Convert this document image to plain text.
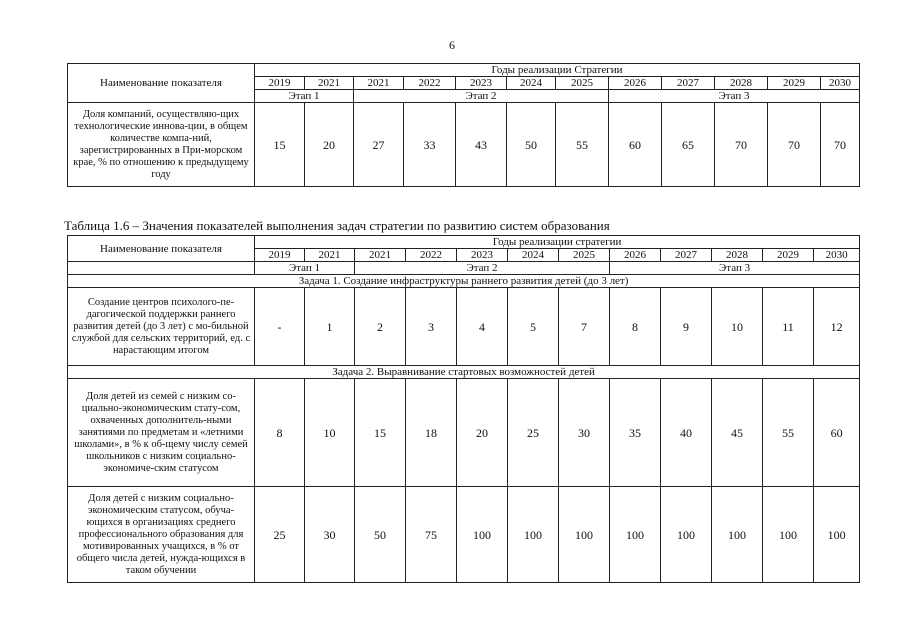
6
Наименование показателя	Годы реализации Стратегии											
	2019	2021	2021	2022	2023	2024	2025	2026	2027	2028	2029	2030
	Этап 1		Этап 2					Этап 3				
Доля компаний, осуществляю-щих технологические иннова-ции, в общем количестве компа-ний, зарегистрированных в При-морском крае, % по отношению к предыдущему году	15	20	27	33	43	50	55	60	65	70	70	70
Таблица 1.6 – Значения показателей выполнения задач стратегии по развитию систем образования
Наименование показателя	Годы реализации стратегии											
	2019	2021	2021	2022	2023	2024	2025	2026	2027	2028	2029	2030
	Этап 1		Этап 2					Этап 3				
Задача 1. Создание инфраструктуры раннего развития детей (до 3 лет)												
Создание центров психолого-пе-дагогической поддержки раннего развития детей (до 3 лет) с мо-бильной службой для сельских территорий, ед. с нарастающим итогом	-	1	2	3	4	5	7	8	9	10	11	12
Задача 2. Выравнивание стартовых возможностей детей												
Доля детей из семей с низким со-циально-экономическим стату-сом, охваченных дополнитель-ными занятиями по предметам и «летними школами», в % к об-щему числу семей школьников с низким социально-экономиче-ским статусом	8	10	15	18	20	25	30	35	40	45	55	60
Доля детей с низким социально-экономическим статусом, обуча-ющихся в организациях среднего профессионального образования для мотивированных учащихся, в % от общего числа детей, нужда-ющихся в таком обучении	25	30	50	75	100	100	100	100	100	100	100	100
